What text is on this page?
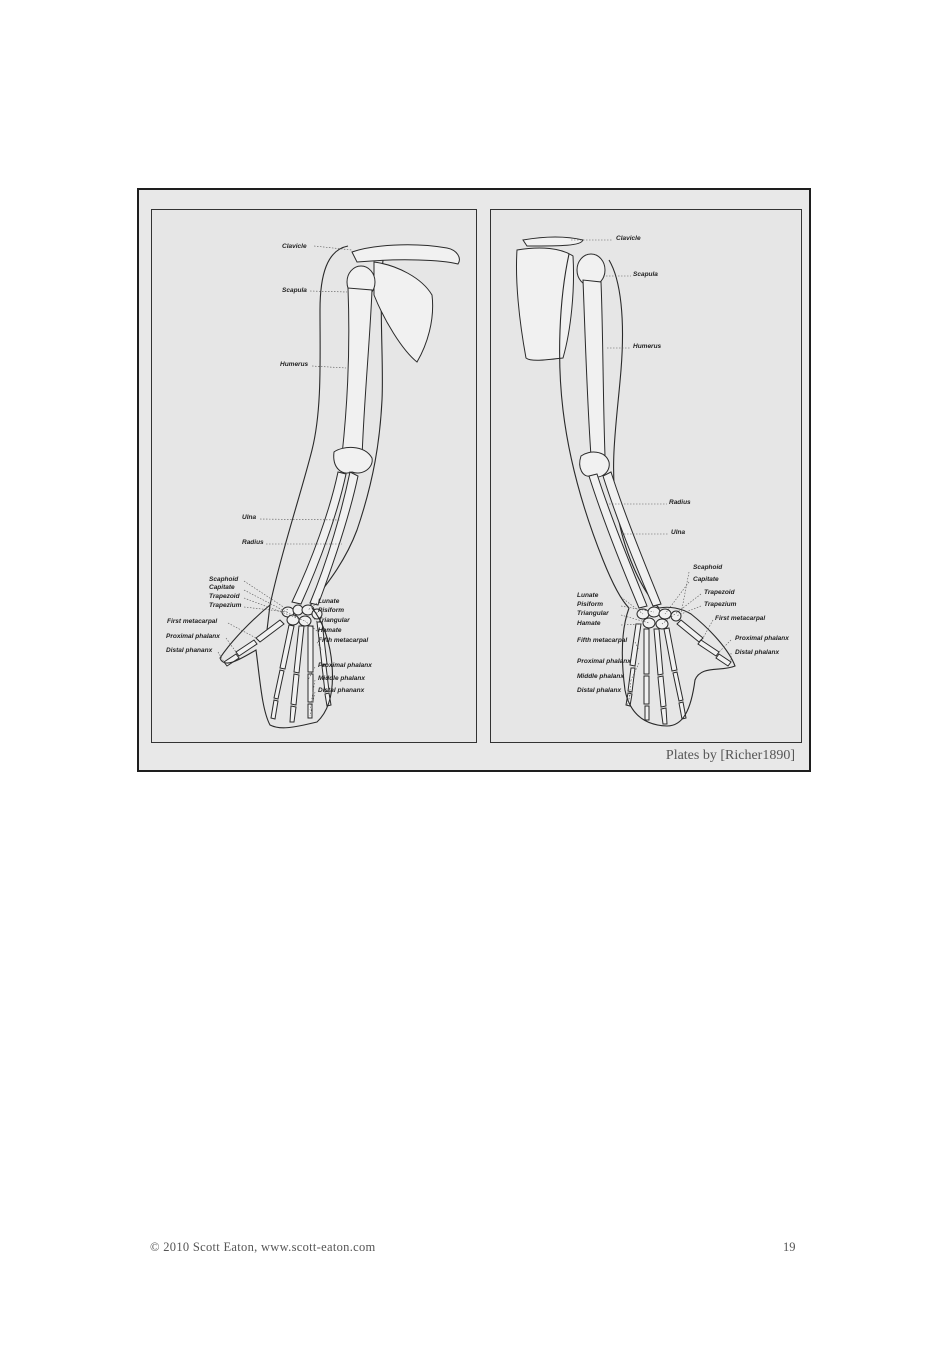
Clavicle
Scapula
Humerus
Ulna
Radius
Scaphoid
Capitate
Trapezoid
Trapezium
First metacarpal
Proximal phalanx
Distal phananx
Lunate
Pisiform
Triangular
Hamate
Fifth metacarpal
Proximal phalanx
Middle phalanx
Distal phananx
Clavicle
Scapula
Humerus
Radius
Ulna
Scaphoid
Capitate
Trapezoid
Trapezium
First metacarpal
Proximal phalanx
Distal phalanx
Lunate
Pisiform
Triangular
Hamate
Fifth metacarpal
Proximal phalanx
Middle phalanx
Distal phalanx
Plates by [Richer1890]
© 2010 Scott Eaton, www.scott-eaton.com	19
